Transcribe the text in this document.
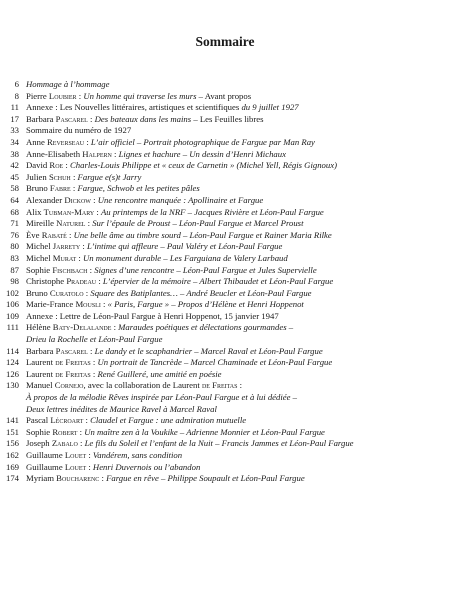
Sommaire
6 Hommage à l’hommage
8 Pierre Loubier : Un homme qui traverse les murs – Avant propos
11 Annexe : Les Nouvelles littéraires, artistiques et scientifiques du 9 juillet 1927
17 Barbara Pascarel : Des bateaux dans les mains – Les Feuilles libres
33 Sommaire du numéro de 1927
34 Anne Reverseau : L’air officiel – Portrait photographique de Fargue par Man Ray
38 Anne-Elisabeth Halpern : Lignes et hachure – Un dessin d’Henri Michaux
42 David Roe : Charles-Louis Philippe et « ceux de Carnetin » (Michel Yell, Régis Gignoux)
45 Julien Schuh : Fargue e(s)t Jarry
58 Bruno Fabre : Fargue, Schwob et les petites pâles
64 Alexander Dickow : Une rencontre manquée : Apollinaire et Fargue
68 Alix Tubman-Mary : Au printemps de la NRF – Jacques Rivière et Léon-Paul Fargue
71 Mireille Naturel : Sur l’épaule de Proust – Léon-Paul Fargue et Marcel Proust
76 Ève Rabaté : Une belle âme au timbre sourd – Léon-Paul Fargue et Rainer Maria Rilke
80 Michel Jarrety : L’intime qui affleure – Paul Valéry et Léon-Paul Fargue
83 Michel Murat : Un monument durable – Les Farguiana de Valery Larbaud
87 Sophie Fischbach : Signes d’une rencontre – Léon-Paul Fargue et Jules Supervielle
98 Christophe Pradeau : L’épervier de la mémoire – Albert Thibaudet et Léon-Paul Fargue
102 Bruno Curatolo : Square des Batiplantes… – André Beucler et Léon-Paul Fargue
106 Marie-France Mousli : « Paris, Fargue » – Propos d’Hélène et Henri Hoppenot
109 Annexe : Lettre de Léon-Paul Fargue à Henri Hoppenot, 15 janvier 1947
111 Hélène Baty-Delalande : Maraudes poétiques et délectations gourmandes –
Drieu la Rochelle et Léon-Paul Fargue
114 Barbara Pascarel : Le dandy et le scaphandrier – Marcel Raval et Léon-Paul Fargue
124 Laurent de Freitas : Un portrait de Tancrède – Marcel Chaminade et Léon-Paul Fargue
126 Laurent de Freitas : René Guilleré, une amitié en poésie
130 Manuel Cornejo, avec la collaboration de Laurent de Freitas :
À propos de la mélodie Rêves inspirée par Léon-Paul Fargue et à lui dédiée –
Deux lettres inédites de Maurice Ravel à Marcel Raval
141 Pascal Lécroart : Claudel et Fargue : une admiration mutuelle
151 Sophie Robert : Un maître zen à la Voukike – Adrienne Monnier et Léon-Paul Fargue
156 Joseph Zabalo : Le fils du Soleil et l’enfant de la Nuit – Francis Jammes et Léon-Paul Fargue
162 Guillaume Louet : Vandérem, sans condition
169 Guillaume Louet : Henri Duvernois ou l’abandon
174 Myriam Boucharenc : Fargue en rêve – Philippe Soupault et Léon-Paul Fargue
